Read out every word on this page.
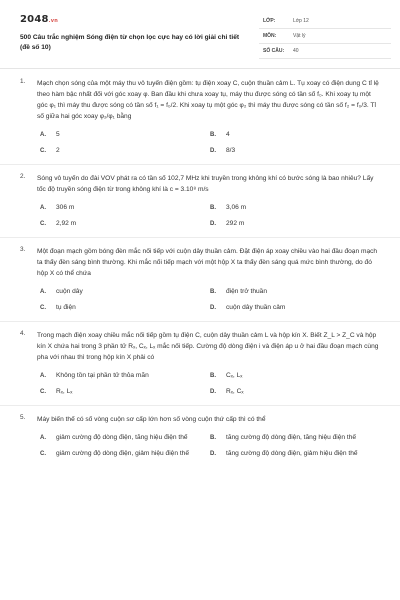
2048.vn
500 Câu trắc nghiệm Sóng điện từ chọn lọc cực hay có lời giải chi tiết (đề số 10)
LỚP:	Lớp 12
MÔN:	Vật lý
SỐ CÂU:	40
1. Mạch chọn sóng của một máy thu vô tuyến điện gồm: tụ điện xoay C, cuộn thuần cảm L. Tụ xoay có điện dung C tỉ lệ theo hàm bậc nhất đối với góc xoay φ. Ban đầu khi chưa xoay tụ, máy thu được sóng có tần số f₀. Khi xoay tụ một góc φ₁ thì máy thu được sóng có tần số f₁ = f₀/2. Khi xoay tụ một góc φ₂ thì máy thu được sóng có tần số f₂ = f₀/3. Tỉ số giữa hai góc xoay φ₂/φ₁ bằng
A.	5	B.	4
C.	2	D.	8/3
2. Sóng vô tuyến do đài VOV phát ra có tần số 102,7 MHz khi truyền trong không khí có bước sóng là bao nhiêu? Lấy tốc độ truyền sóng điện từ trong không khí là c = 3.10⁸ m/s
A.	306 m	B.	3,06 m
C.	2,92 m	D.	292 m
3. Một đoạn mạch gồm bóng đèn mắc nối tiếp với cuộn dây thuần cảm. Đặt điện áp xoay chiều vào hai đầu đoạn mạch ta thấy đèn sáng bình thường. Khi mắc nối tiếp mạch với một hộp X ta thấy đèn sáng quá mức bình thường, do đó hộp X có thể chứa
A.	cuộn dây	B.	điện trở thuần
C.	tụ điện	D.	cuộn dây thuần cảm
4. Trong mạch điện xoay chiều mắc nối tiếp gồm tụ điện C, cuộn dây thuần cảm L và hộp kín X. Biết Z_L > Z_C và hộp kín X chứa hai trong 3 phần tử Rₓ, Cₓ, Lₓ mắc nối tiếp. Cường độ dòng điện i và điện áp u ở hai đầu đoạn mạch cùng pha với nhau thì trong hộp kín X phải có
A.	Không tồn tại phần tử thỏa mãn	B.	Cₓ, Lₓ
C.	Rₓ, Lₓ	D.	Rₓ, Cₓ
5. Máy biến thế có số vòng cuộn sơ cấp lớn hơn số vòng cuộn thứ cấp thì có thể
A.	giảm cường độ dòng điện, tăng hiệu điện thế	B.	tăng cường độ dòng điện, tăng hiệu điện thế
C.	giảm cường độ dòng điện, giảm hiệu điện thế	D.	tăng cường độ dòng điện, giảm hiệu điện thế
